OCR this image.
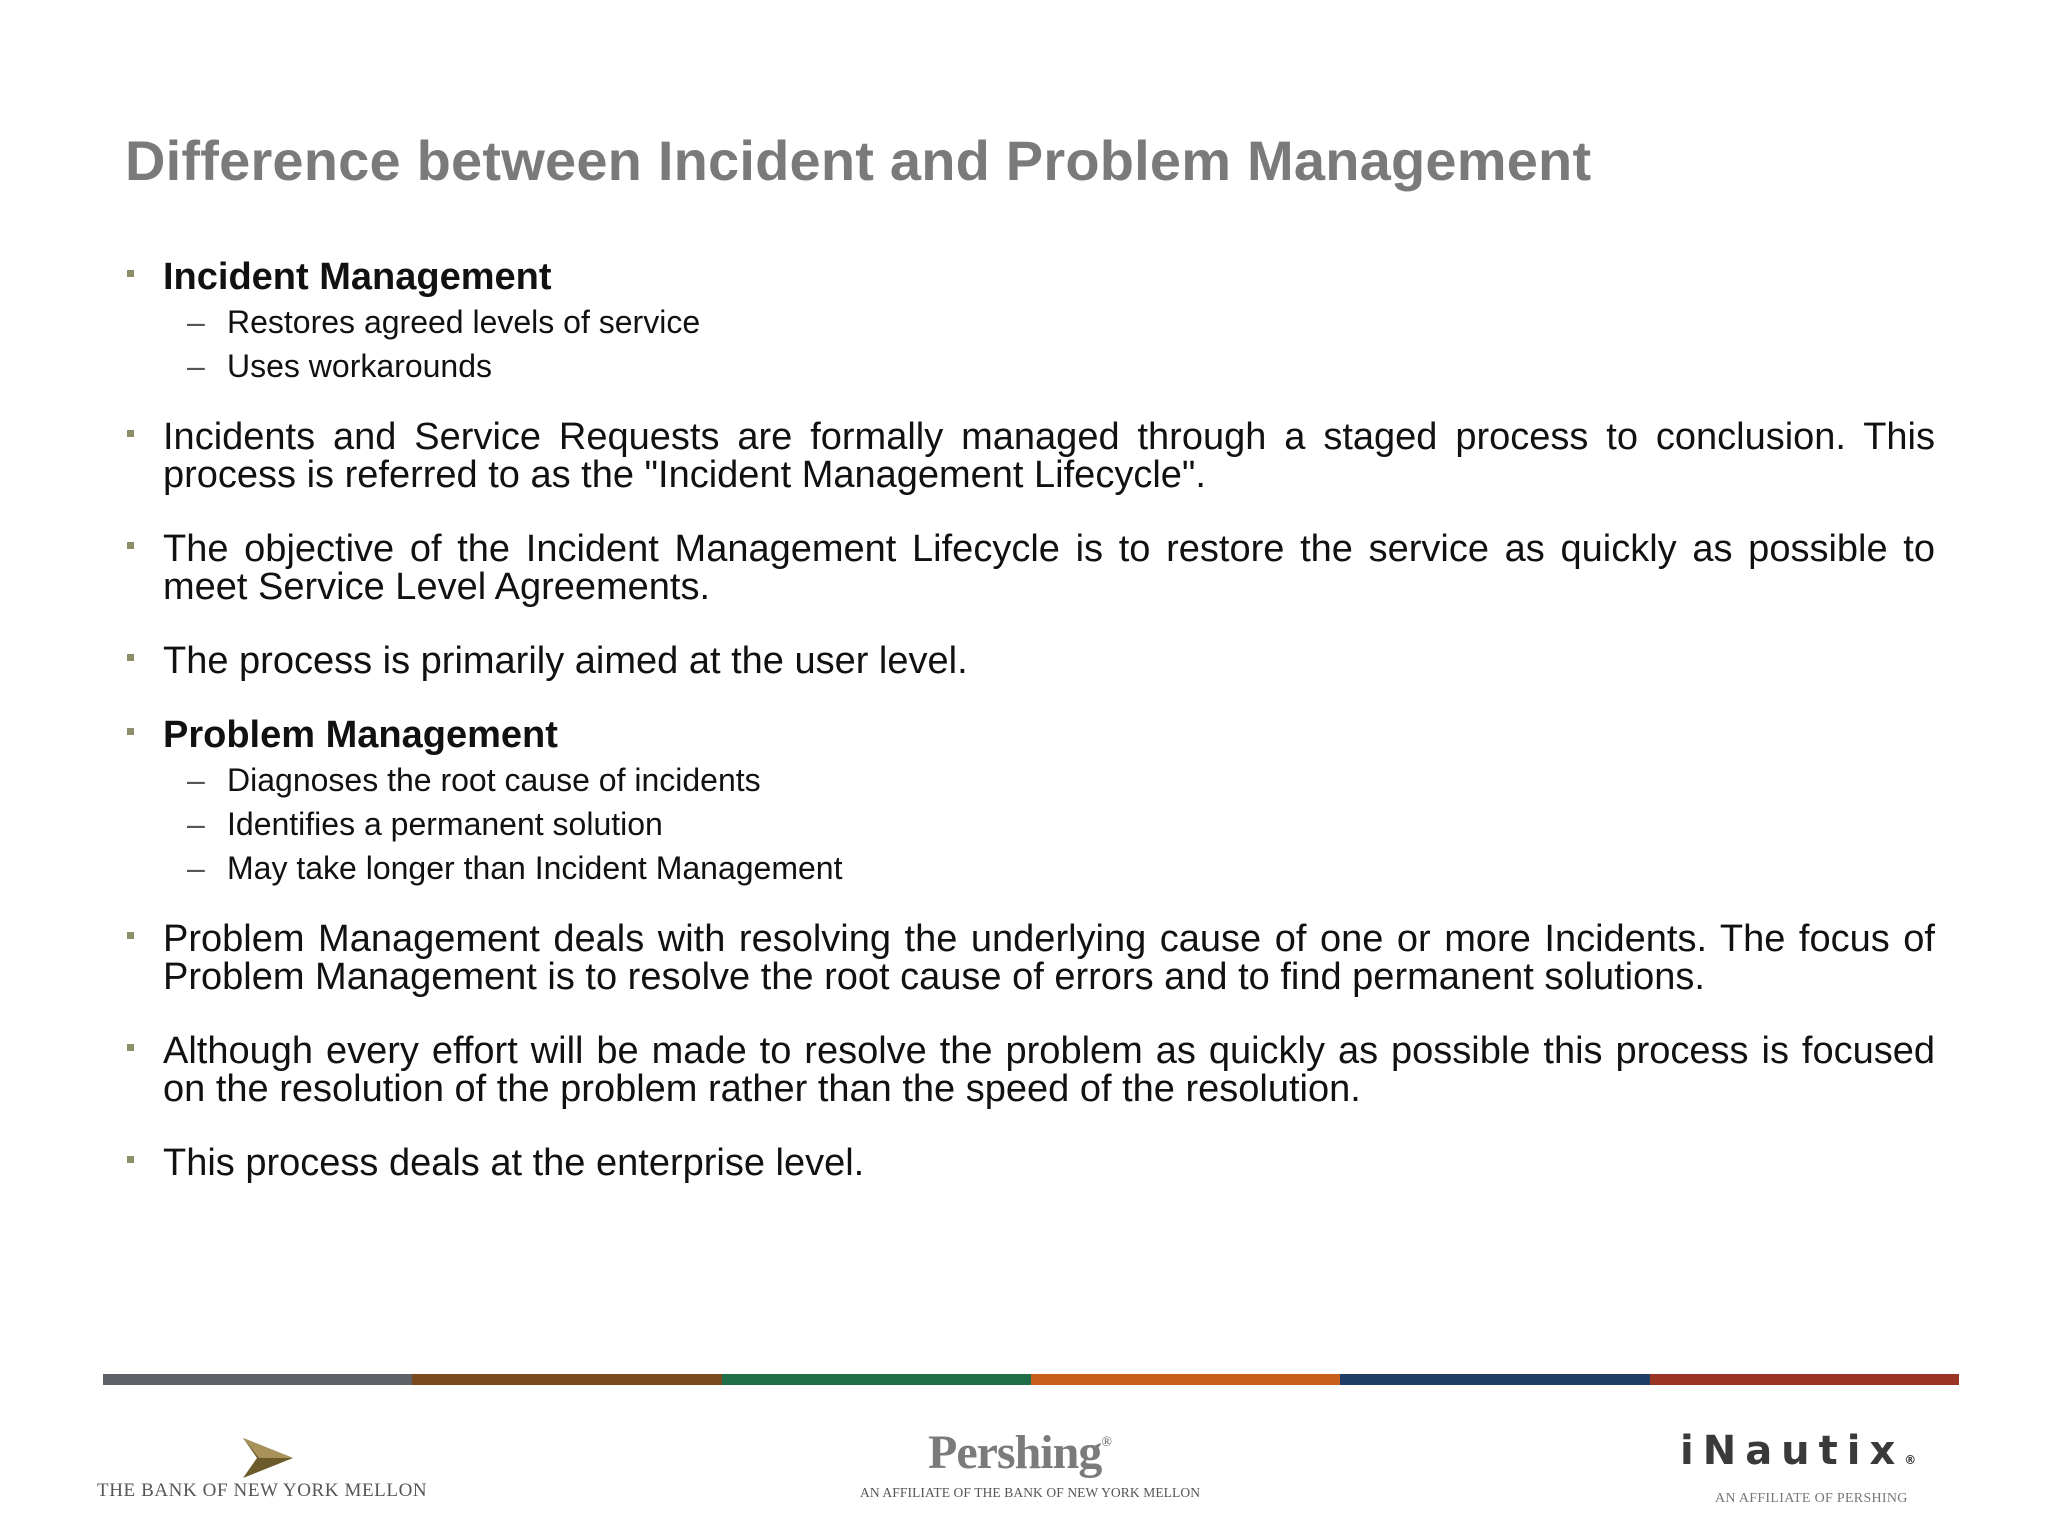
Difference between Incident and Problem Management
Incident Management
– Restores agreed levels of service
– Uses workarounds
Incidents and Service Requests are formally managed through a staged process to conclusion. This process is referred to as the "Incident Management Lifecycle".
The objective of the Incident Management Lifecycle is to restore the service as quickly as possible to meet Service Level Agreements.
The process is primarily aimed at the user level.
Problem Management
– Diagnoses the root cause of incidents
– Identifies a permanent solution
– May take longer than Incident Management
Problem Management deals with resolving the underlying cause of one or more Incidents. The focus of Problem Management is to resolve the root cause of errors and to find permanent solutions.
Although every effort will be made to resolve the problem as quickly as possible this process is focused on the resolution of the problem rather than the speed of the resolution.
This process deals at the enterprise level.
THE BANK OF NEW YORK MELLON
Pershing®
AN AFFILIATE OF THE BANK OF NEW YORK MELLON
iNautix®
AN AFFILIATE OF PERSHING
